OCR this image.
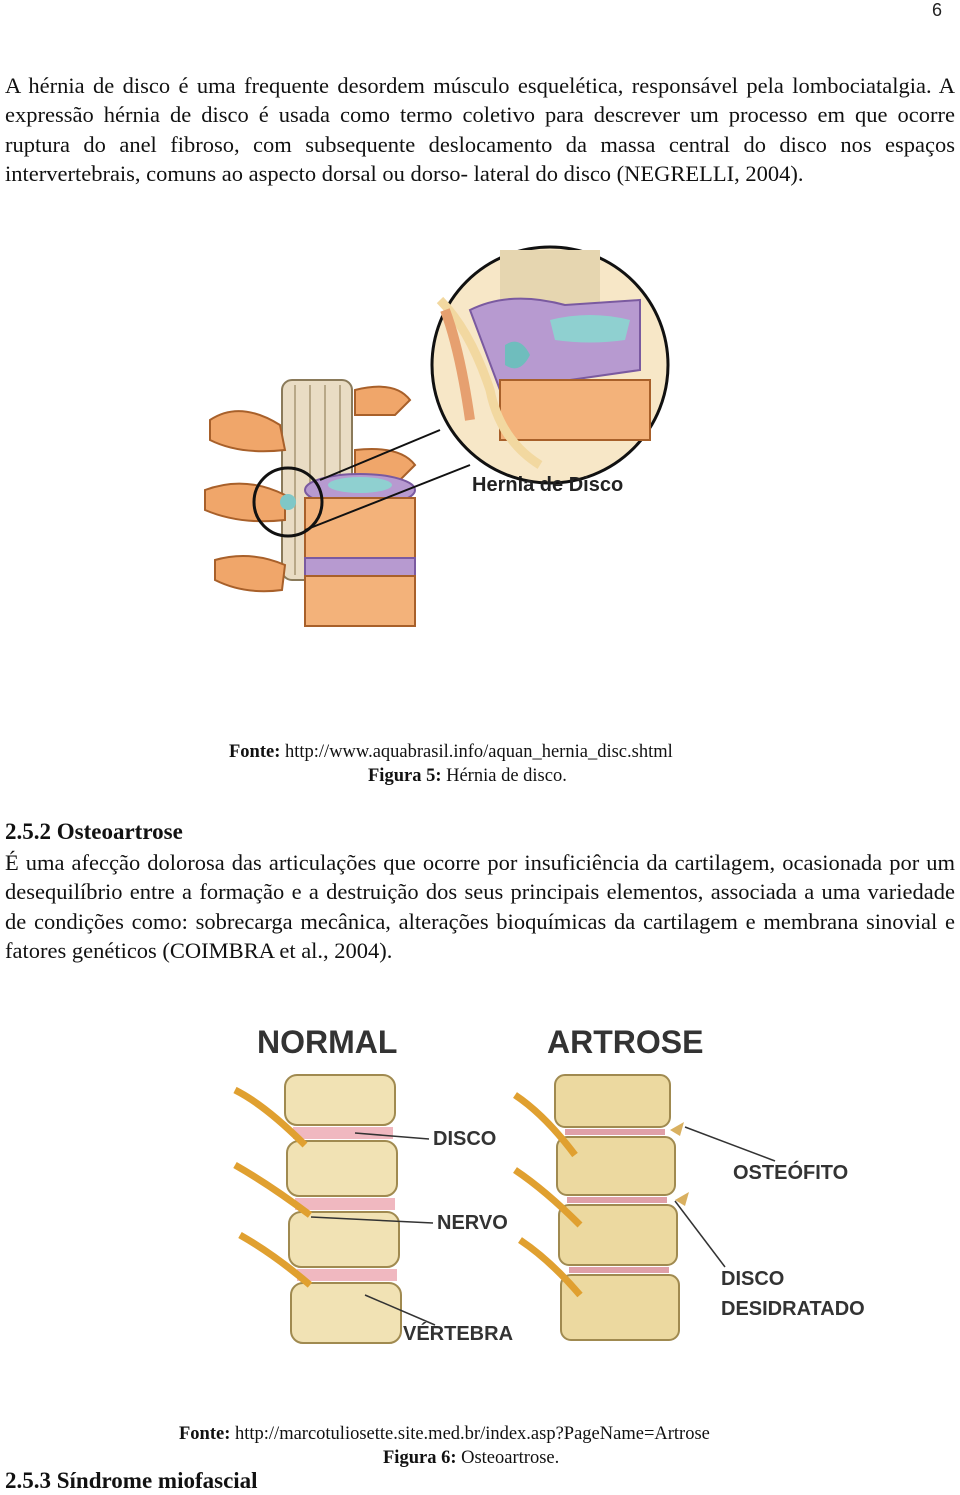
6

A hérnia de disco é uma frequente desordem músculo esquelética, responsável pela lombociatalgia. A expressão hérnia de disco é usada como termo coletivo para descrever um processo em que ocorre ruptura do anel fibroso, com subsequente deslocamento da massa central do disco nos espaços intervertebrais, comuns ao aspecto dorsal ou dorso- lateral do disco (NEGRELLI, 2004).

Hernia de Disco

Fonte: http://www.aquabrasil.info/aquan_hernia_disc.shtml

Figura 5: Hérnia de disco.

2.5.2 Osteoartrose

É uma afecção dolorosa das articulações que ocorre por insuficiência da cartilagem, ocasionada por um desequilíbrio entre a formação e a destruição dos seus principais elementos, associada a uma variedade de condições como: sobrecarga mecânica, alterações bioquímicas da cartilagem e membrana sinovial e fatores genéticos (COIMBRA et al., 2004).

NORMAL	ARTROSE
DISCO
NERVO
VÉRTEBRA
OSTEÓFITO
DISCO
DESIDRATADO

Fonte: http://marcotuliosette.site.med.br/index.asp?PageName=Artrose

Figura 6: Osteoartrose.

2.5.3 Síndrome miofascial
